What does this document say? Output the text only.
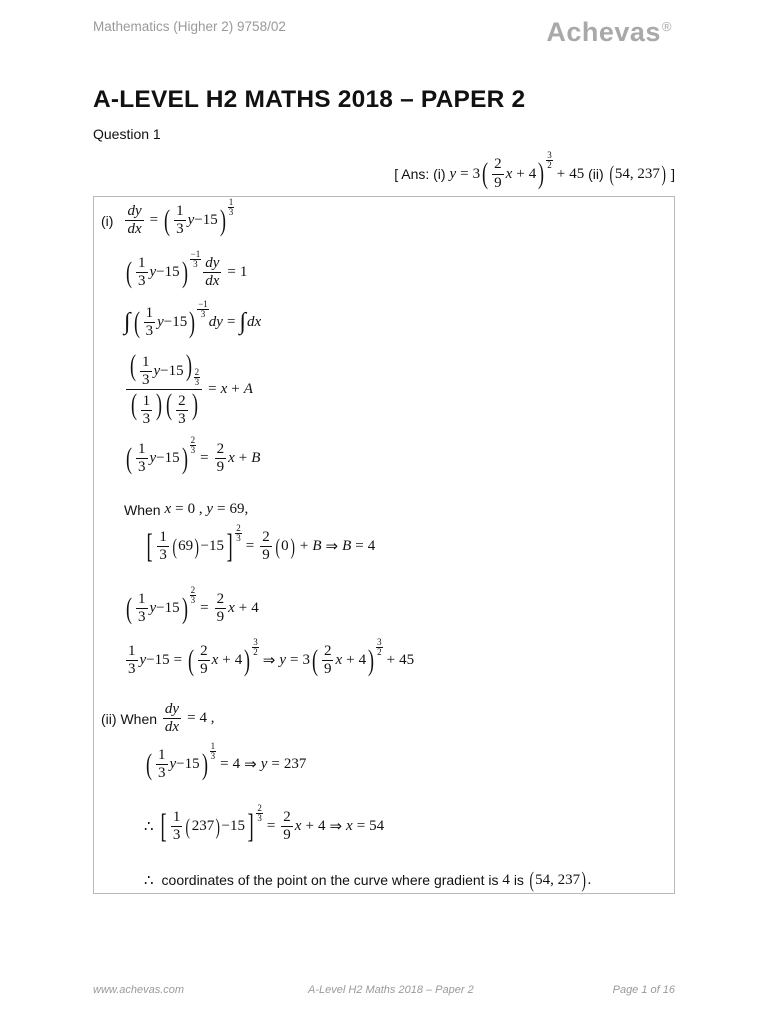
Mathematics (Higher 2) 9758/02	Achevas®
A-LEVEL H2 MATHS 2018 – PAPER 2
Question 1
[ Ans: (i)
y = 3 ( $\frac{2}{9}$ x + 4 )
3
2
+ 45
(ii)
( 54, 237 )
]
$(i) \frac{dy}{dx}$ = ( $\frac{1}{3}$ y −15 )
1
3
( $\frac{1}{3}$ y −15 )
−1
$3 \frac{dy}{dx} = 1$
∫ ( $\frac{1}{3}$ y −15 )
−1
3
dy = ∫ dx
$\frac{( \frac{1}{3} y-15) \frac{2}{3}}{( \frac{1}{3} ) ( \frac{2}{3} )} = x + A$
( $\frac{1}{3}$ y −15 ) $\frac{2}{3}$
= $\frac{2}{9}$ x + B
When
x = 0 , y = 69,
[ $\frac{1}{3}$ ( 69 ) −15 ] $\frac{2}{3}$
= $\frac{2}{9}$ ( 0 ) + B ⇒ B = 4
( $\frac{1}{3}$ y −15 ) $\frac{2}{3}$
= $\frac{2}{9}$ x + 4
$\frac{1}{3}$ y −15 = ( $\frac{2}{9}$ x + 4 )
3
2
⇒ y = 3 ( $\frac{2}{9}$ x + 4 )
3
2
+ 45
(ii)
When
$\frac{dy}{dx} = 4$ ,
( $\frac{1}{3}$ y −15 ) $\frac{1}{3}$
= 4 ⇒ y = 237
∴ [ $\frac{1}{3}$ ( 237 ) −15 ] $\frac{2}{3}$
= $\frac{2}{9}$ x + 4 ⇒ x = 54
∴ coordinates of the point on the curve where gradient is
4
is
( 54, 237 ) .
www.achevas.com	A-Level H2 Maths 2018 – Paper 2	Page 1 of 16
